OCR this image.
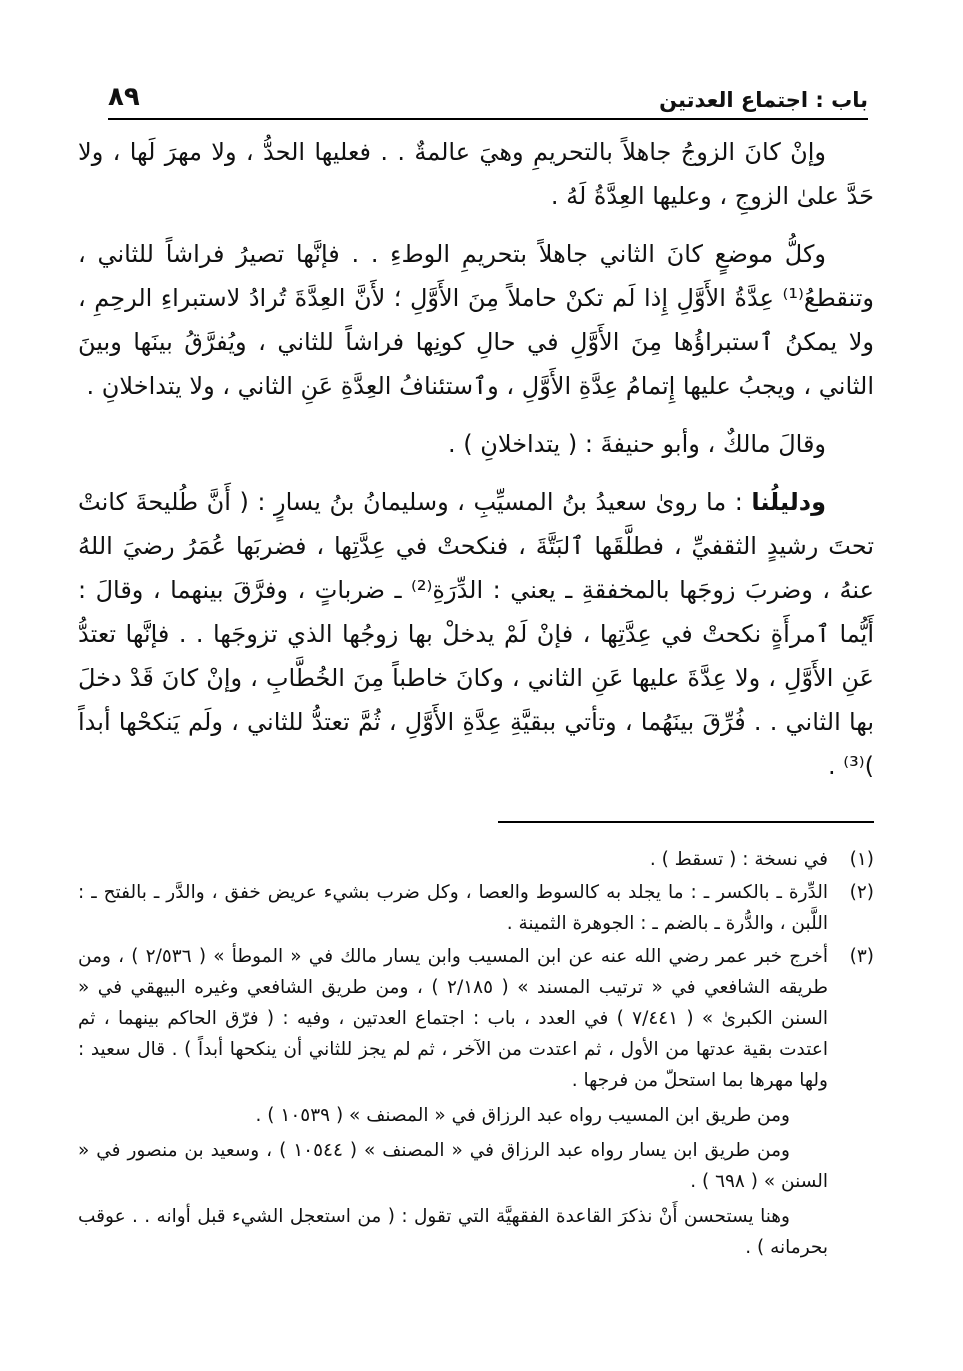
باب : اجتماع العدتين
٨٩

وإنْ كانَ الزوجُ جاهلاً بالتحريمِ وهيَ عالمةٌ . . فعليها الحدُّ ، ولا مهرَ لَها ، ولا حَدَّ علىٰ الزوجِ ، وعليها العِدَّةُ لَهُ .

وكلُّ موضعٍ كانَ الثاني جاهلاً بتحريمِ الوطءِ . . فإنَّها تصيرُ فراشاً للثاني ، وتنقطعُ⁽¹⁾ عِدَّةُ الأَوَّلِ إِذا لَم تكنْ حاملاً مِنَ الأَوَّلِ ؛ لأَنَّ العِدَّةَ تُرادُ لاستبراءِ الرحِمِ ، ولا يمكنُ ٱستبراؤُها مِنَ الأَوَّلِ في حالِ كونِها فراشاً للثاني ، ويُفرَّقُ بينَها وبينَ الثاني ، ويجبُ عليها إِتمامُ عِدَّةِ الأَوَّلِ ، وٱستئنافُ العِدَّةِ عَنِ الثاني ، ولا يتداخلانِ .

وقالَ مالكٌ ، وأبو حنيفةَ : ( يتداخلانِ ) .

ودليلُنا : ما روىٰ سعيدُ بنُ المسيِّبِ ، وسليمانُ بنُ يسارٍ : ( أَنَّ طُليحةَ كانتْ تحتَ رشيدٍ الثقفيِّ ، فطلَّقَها ٱلبَتَّةَ ، فنكحتْ في عِدَّتِها ، فضربَها عُمَرُ رضيَ اللهُ عنهُ ، وضربَ زوجَها بالمخفقةِ ـ يعني : الدِّرَةِ⁽²⁾ ـ ضرباتٍ ، وفرَّقَ بينهما ، وقالَ : أَيُّما ٱمرأَةٍ نكحتْ في عِدَّتِها ، فإنْ لَمْ يدخلْ بها زوجُها الذي تزوجَها . . فإنَّها تعتدُّ عَنِ الأَوَّلِ ، ولا عِدَّةَ عليها عَنِ الثاني ، وكانَ خاطباً مِنَ الخُطَّابِ ، وإنْ كانَ قَدْ دخلَ بها الثاني . . فُرِّقَ بينَهُما ، وتأتي ببقيَّةِ عِدَّةِ الأَوَّلِ ، ثُمَّ تعتدُّ للثاني ، ولَم يَنكحْها أبداً )⁽³⁾ .

(١)

في نسخة : ( تسقط ) .

(٢)

الدِّرة ـ بالكسر ـ : ما يجلد به كالسوط والعصا ، وكل ضرب بشيء عريض خفق ، والدَّر ـ بالفتح ـ : اللَّبن ، والدُّرة ـ بالضم ـ : الجوهرة الثمينة .

(٣)

أخرج خبر عمر رضي الله عنه عن ابن المسيب وابن يسار مالك في « الموطأ » ( ٢/٥٣٦ ) ، ومن طريقه الشافعي في « ترتيب المسند » ( ٢/١٨٥ ) ، ومن طريق الشافعي وغيره البيهقي في « السنن الكبرىٰ » ( ٧/٤٤١ ) في العدد ، باب : اجتماع العدتين ، وفيه : ( فرّق الحاكم بينهما ، ثم اعتدت بقية عدتها من الأول ، ثم اعتدت من الآخر ، ثم لم يجز للثاني أن ينكحها أبداً ) . قال سعيد : ولها مهرها بما استحلّ من فرجها .

ومن طريق ابن المسيب رواه عبد الرزاق في « المصنف » ( ١٠٥٣٩ ) .

ومن طريق ابن يسار رواه عبد الرزاق في « المصنف » ( ١٠٥٤٤ ) ، وسعيد بن منصور في « السنن » ( ٦٩٨ ) .

وهنا يستحسن أَنْ نذكرَ القاعدة الفقهيَّة التي تقول : ( من استعجل الشيء قبل أوانه . . عوقب بحرمانه ) .
